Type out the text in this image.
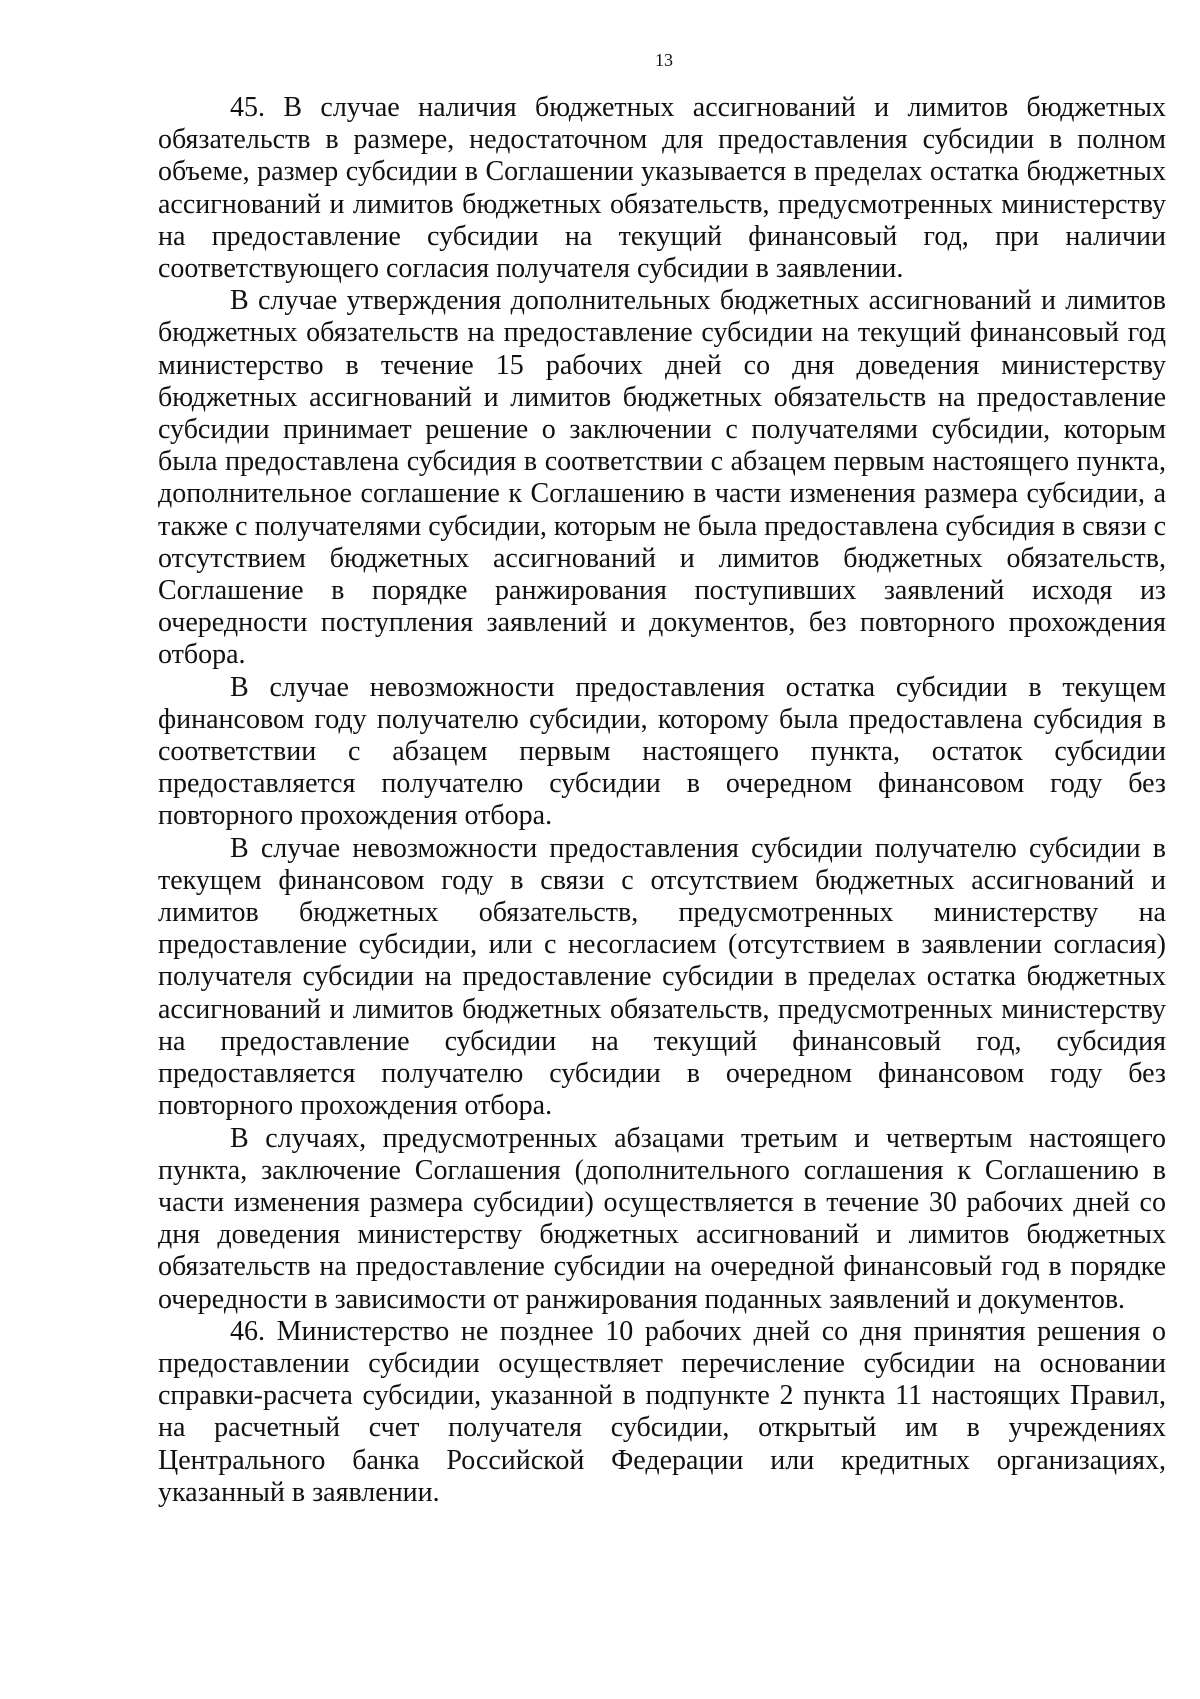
13

45. В случае наличия бюджетных ассигнований и лимитов бюджетных обязательств в размере, недостаточном для предоставления субсидии в полном объеме, размер субсидии в Соглашении указывается в пределах остатка бюджетных ассигнований и лимитов бюджетных обязательств, предусмотренных министерству на предоставление субсидии на текущий финансовый год, при наличии соответствующего согласия получателя субсидии в заявлении.

В случае утверждения дополнительных бюджетных ассигнований и лимитов бюджетных обязательств на предоставление субсидии на текущий финансовый год министерство в течение 15 рабочих дней со дня доведения министерству бюджетных ассигнований и лимитов бюджетных обязательств на предоставление субсидии принимает решение о заключении с получателями субсидии, которым была предоставлена субсидия в соответствии с абзацем первым настоящего пункта, дополнительное соглашение к Соглашению в части изменения размера субсидии, а также с получателями субсидии, которым не была предоставлена субсидия в связи с отсутствием бюджетных ассигнований и лимитов бюджетных обязательств, Соглашение в порядке ранжирования поступивших заявлений исходя из очередности поступления заявлений и документов, без повторного прохождения отбора.

В случае невозможности предоставления остатка субсидии в текущем финансовом году получателю субсидии, которому была предоставлена субсидия в соответствии с абзацем первым настоящего пункта, остаток субсидии предоставляется получателю субсидии в очередном финансовом году без повторного прохождения отбора.

В случае невозможности предоставления субсидии получателю субсидии в текущем финансовом году в связи с отсутствием бюджетных ассигнований и лимитов бюджетных обязательств, предусмотренных министерству на предоставление субсидии, или с несогласием (отсутствием в заявлении согласия) получателя субсидии на предоставление субсидии в пределах остатка бюджетных ассигнований и лимитов бюджетных обязательств, предусмотренных министерству на предоставление субсидии на текущий финансовый год, субсидия предоставляется получателю субсидии в очередном финансовом году без повторного прохождения отбора.

В случаях, предусмотренных абзацами третьим и четвертым настоящего пункта, заключение Соглашения (дополнительного соглашения к Соглашению в части изменения размера субсидии) осуществляется в течение 30 рабочих дней со дня доведения министерству бюджетных ассигнований и лимитов бюджетных обязательств на предоставление субсидии на очередной финансовый год в порядке очередности в зависимости от ранжирования поданных заявлений и документов.

46. Министерство не позднее 10 рабочих дней со дня принятия решения о предоставлении субсидии осуществляет перечисление субсидии на основании справки-расчета субсидии, указанной в подпункте 2 пункта 11 настоящих Правил, на расчетный счет получателя субсидии, открытый им в учреждениях Центрального банка Российской Федерации или кредитных организациях, указанный в заявлении.
